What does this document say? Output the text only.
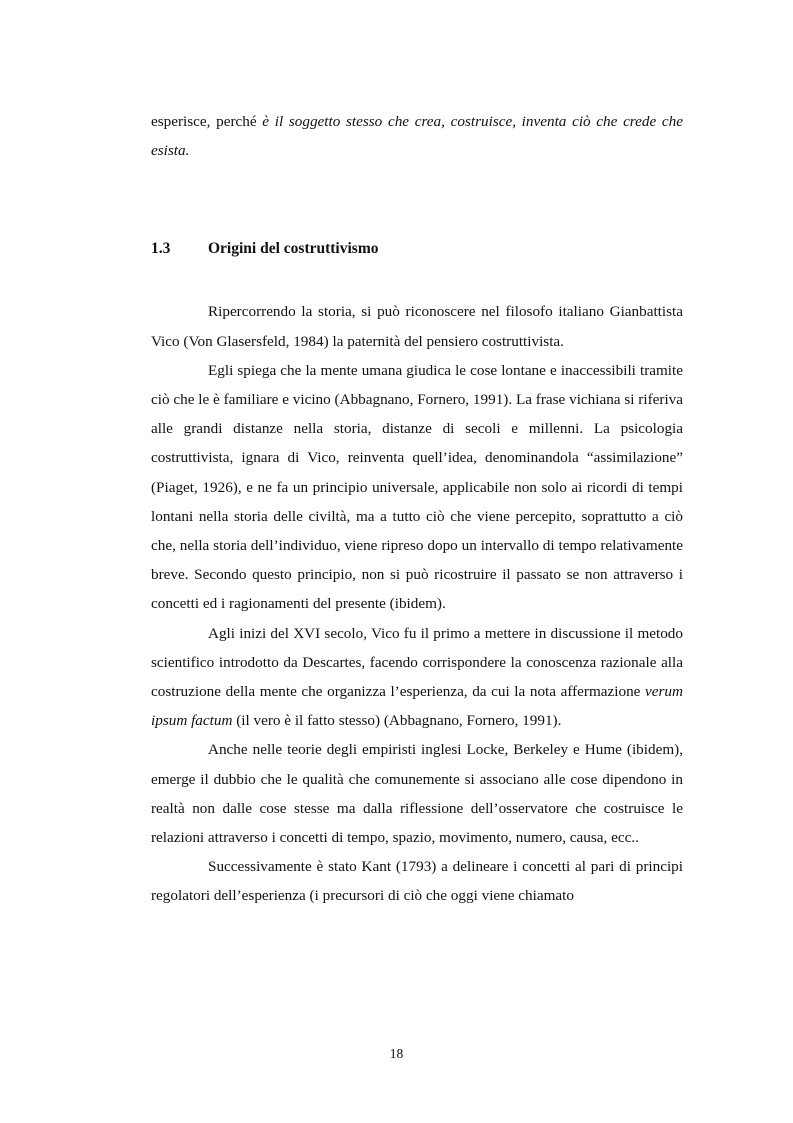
esperisce, perché è il soggetto stesso che crea, costruisce, inventa ciò che crede che esista.

1.3	Origini del costruttivismo

Ripercorrendo la storia, si può riconoscere nel filosofo italiano Gianbattista Vico (Von Glasersfeld, 1984) la paternità del pensiero costruttivista.

Egli spiega che la mente umana giudica le cose lontane e inaccessibili tramite ciò che le è familiare e vicino (Abbagnano, Fornero, 1991). La frase vichiana si riferiva alle grandi distanze nella storia, distanze di secoli e millenni. La psicologia costruttivista, ignara di Vico, reinventa quell’idea, denominandola “assimilazione” (Piaget, 1926), e ne fa un principio universale, applicabile non solo ai ricordi di tempi lontani nella storia delle civiltà, ma a tutto ciò che viene percepito, soprattutto a ciò che, nella storia dell’individuo, viene ripreso dopo un intervallo di tempo relativamente breve. Secondo questo principio, non si può ricostruire il passato se non attraverso i concetti ed i ragionamenti del presente (ibidem).

Agli inizi del XVI secolo, Vico fu il primo a mettere in discussione il metodo scientifico introdotto da Descartes, facendo corrispondere la conoscenza razionale alla costruzione della mente che organizza l’esperienza, da cui la nota affermazione verum ipsum factum (il vero è il fatto stesso) (Abbagnano, Fornero, 1991).

Anche nelle teorie degli empiristi inglesi Locke, Berkeley e Hume (ibidem), emerge il dubbio che le qualità che comunemente si associano alle cose dipendono in realtà non dalle cose stesse ma dalla riflessione dell’osservatore che costruisce le relazioni attraverso i concetti di tempo, spazio, movimento, numero, causa, ecc..

Successivamente è stato Kant (1793) a delineare i concetti al pari di principi regolatori dell’esperienza (i precursori di ciò che oggi viene chiamato

18
